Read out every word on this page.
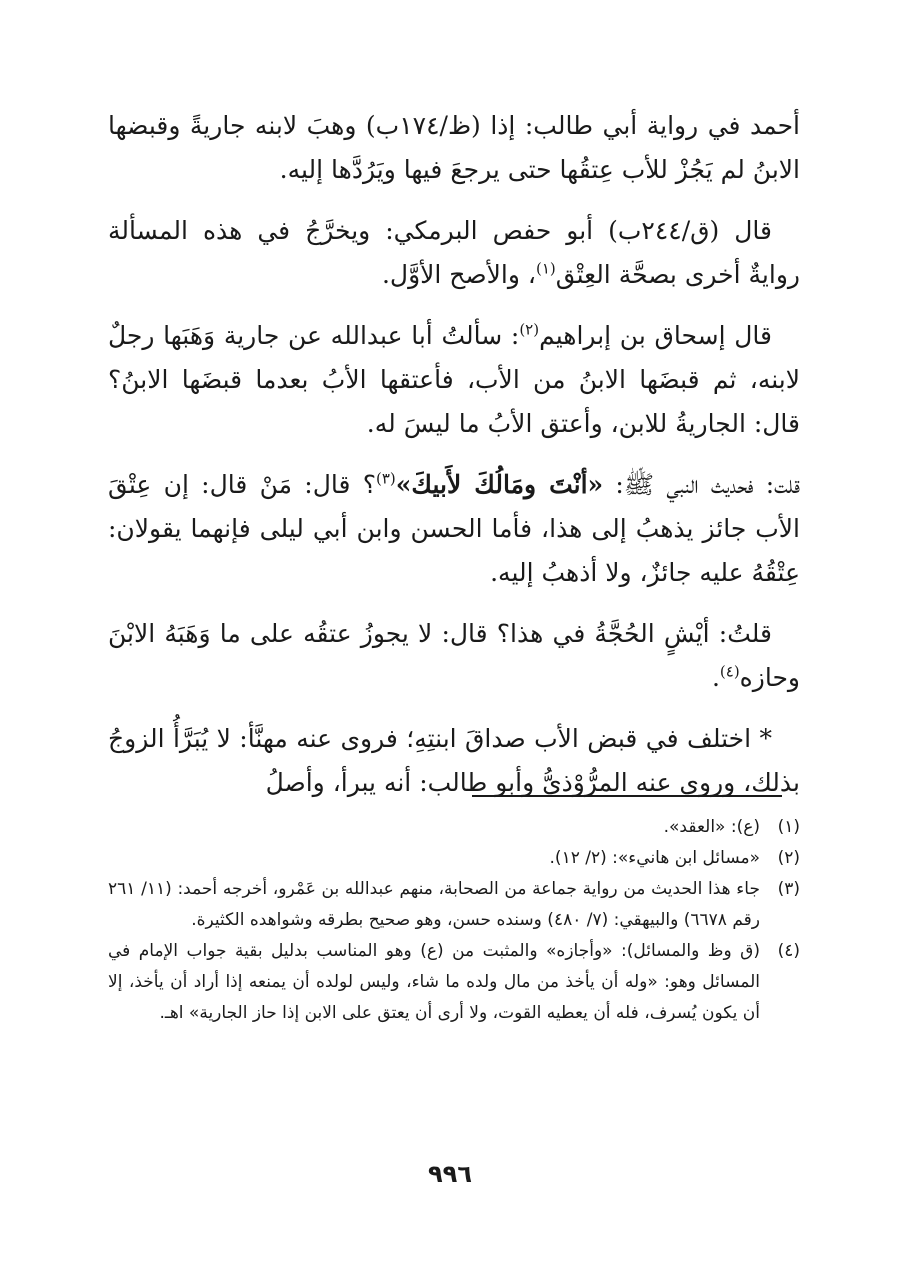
أحمد في رواية أبي طالب: إذا (ظ/١٧٤ب) وهبَ لابنه جاريةً وقبضها الابنُ لم يَجُزْ للأب عِتقُها حتى يرجعَ فيها ويَرُدَّها إليه.

قال (ق/٢٤٤ب) أبو حفص البرمكي: ويخرَّجُ في هذه المسألة روايةٌ أخرى بصحَّة العِتْق$^{(١)}$، والأصح الأوَّل.

قال إسحاق بن إبراهيم$^{(٢)}$: سألتُ أبا عبدالله عن جارية وَهَبَها رجلٌ لابنه، ثم قبضَها الابنُ من الأب، فأعتقها الأبُ بعدما قبضَها الابنُ؟ قال: الجاريةُ للابن، وأعتق الأبُ ما ليسَ له.

قلت: فحديث النبي ﷺ: «أنْتَ ومَالُكَ لأَبيكَ»$^{(٣)}$؟ قال: مَنْ قال: إن عِتْقَ الأب جائز يذهبُ إلى هذا، فأما الحسن وابن أبي ليلى فإنهما يقولان: عِتْقُهُ عليه جائزٌ، ولا أذهبُ إليه.

قلتُ: أيْشٍ الحُجَّةُ في هذا؟ قال: لا يجوزُ عتقُه على ما وَهَبَهُ الابْنَ وحازه$^{(٤)}$.

* اختلف في قبض الأب صداقَ ابنتِهِ؛ فروى عنه مهنَّأ: لا يُبَرَّأُ الزوجُ بذلك، وروى عنه المرُّوْذيُّ وأبو طالب: أنه يبرأ، وأصلُ

(١)
(ع): «العقد».
(٢)
«مسائل ابن هانيء»: (٢/ ١٢).
(٣)
جاء هذا الحديث من رواية جماعة من الصحابة، منهم عبدالله بن عَمْرو، أخرجه أحمد: (١١/ ٢٦١ رقم ٦٦٧٨) والبيهقي: (٧/ ٤٨٠) وسنده حسن، وهو صحيح بطرقه وشواهده الكثيرة.
(٤)
(ق وظ والمسائل): «وأجازه» والمثبت من (ع) وهو المناسب بدليل بقية جواب الإمام في المسائل وهو: «وله أن يأخذ من مال ولده ما شاء، وليس لولده أن يمنعه إذا أراد أن يأخذ، إلا أن يكون يُسرف، فله أن يعطيه القوت، ولا أرى أن يعتق على الابن إذا حاز الجارية» اهـ.
٩٩٦
